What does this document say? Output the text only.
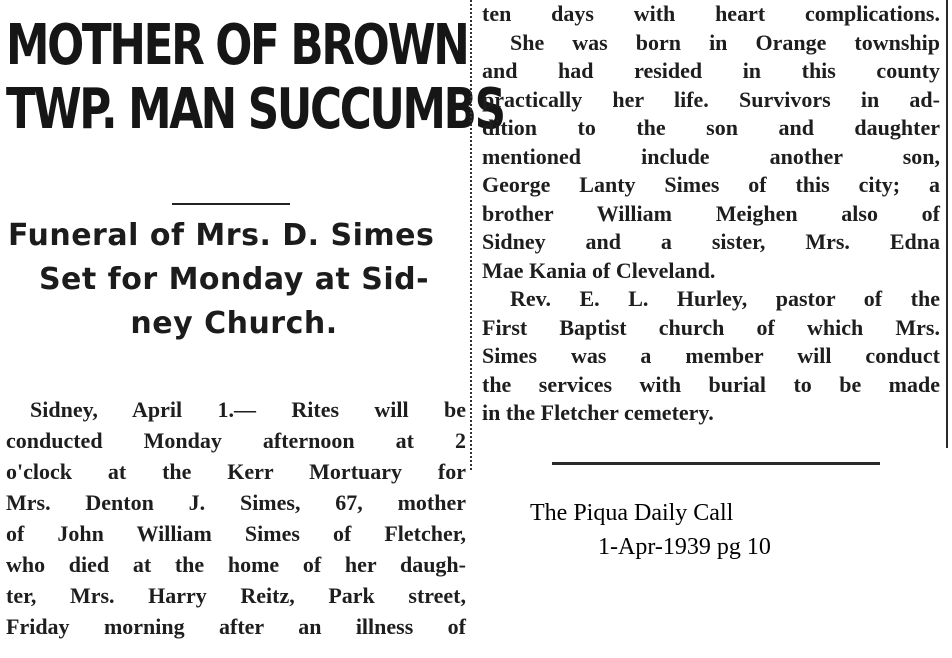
MOTHER OF BROWN
TWP. MAN SUCCUMBS
Funeral of Mrs. D. Simes
Set for Monday at Sid-
ney Church.
Sidney, April 1.— Rites will be
conducted Monday afternoon at 2
o'clock at the Kerr Mortuary for
Mrs. Denton J. Simes, 67, mother
of John William Simes of Fletcher,
who died at the home of her daugh-
ter, Mrs. Harry Reitz, Park street,
Friday morning after an illness of
ten days with heart complications.
She was born in Orange township
and had resided in this county
practically her life. Survivors in ad-
dition to the son and daughter
mentioned include another son,
George Lanty Simes of this city; a
brother William Meighen also of
Sidney and a sister, Mrs. Edna
Mae Kania of Cleveland.
Rev. E. L. Hurley, pastor of the
First Baptist church of which Mrs.
Simes was a member will conduct
the services with burial to be made
in the Fletcher cemetery.
The Piqua Daily Call
1-Apr-1939 pg 10
